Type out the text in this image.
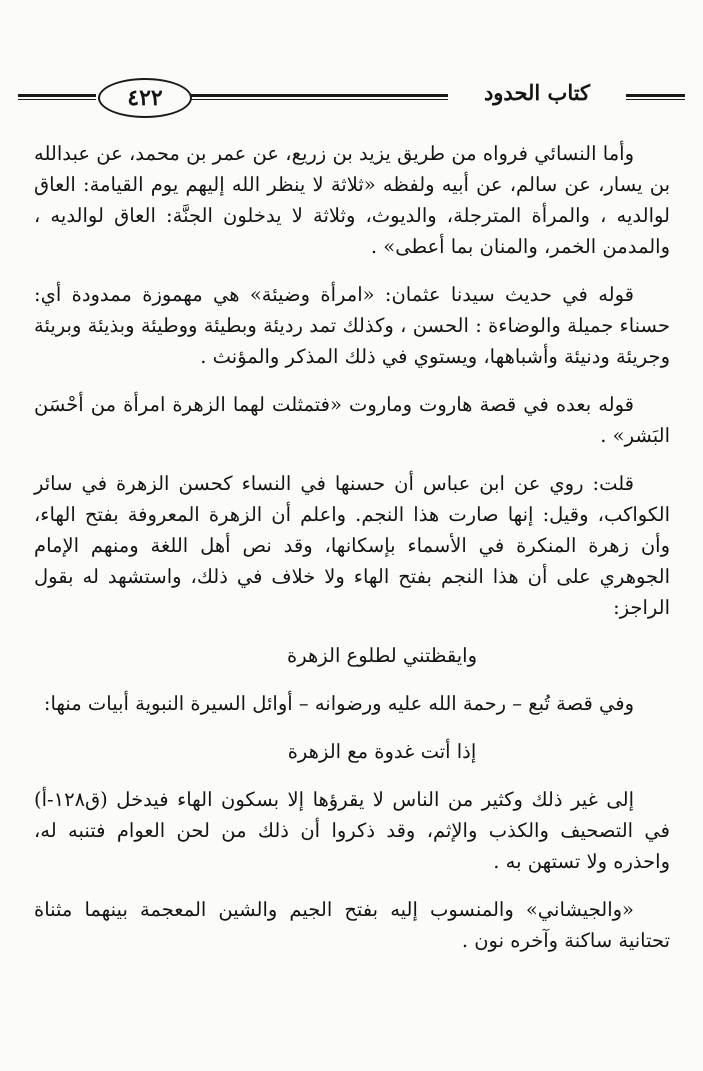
٤٢٢	كتاب الحدود

وأما النسائي فرواه من طريق يزيد بن زريع، عن عمر بن محمد، عن عبدالله بن يسار، عن سالم، عن أبيه ولفظه «ثلاثة لا ينظر الله إليهم يوم القيامة: العاق لوالديه ، والمرأة المترجلة، والديوث، وثلاثة لا يدخلون الجنَّة: العاق لوالديه ، والمدمن الخمر، والمنان بما أعطى» .

قوله في حديث سيدنا عثمان: «امرأة وضيئة» هي مهموزة ممدودة أي: حسناء جميلة والوضاءة : الحسن ، وكذلك تمد رديئة وبطيئة ووطيئة وبذيئة وبريئة وجريئة ودنيئة وأشباهها، ويستوي في ذلك المذكر والمؤنث .

قوله بعده في قصة هاروت وماروت «فتمثلت لهما الزهرة امرأة من أحْسَن البَشر» .

قلت: روي عن ابن عباس أن حسنها في النساء كحسن الزهرة في سائر الكواكب، وقيل: إنها صارت هذا النجم. واعلم أن الزهرة المعروفة بفتح الهاء، وأن زهرة المنكرة في الأسماء بإسكانها، وقد نص أهل اللغة ومنهم الإمام الجوهري على أن هذا النجم بفتح الهاء ولا خلاف في ذلك، واستشهد له بقول الراجز:

وايقظتني لطلوع الزهرة

وفي قصة تُبع – رحمة الله عليه ورضوانه – أوائل السيرة النبوية أبيات منها:

إذا أتت غدوة مع الزهرة

إلى غير ذلك وكثير من الناس لا يقرؤها إلا بسكون الهاء فيدخل (ق١٢٨-أ) في التصحيف والكذب والإثم، وقد ذكروا أن ذلك من لحن العوام فتنبه له، واحذره ولا تستهن به .

«والجيشاني» والمنسوب إليه بفتح الجيم والشين المعجمة بينهما مثناة تحتانية ساكنة وآخره نون .
